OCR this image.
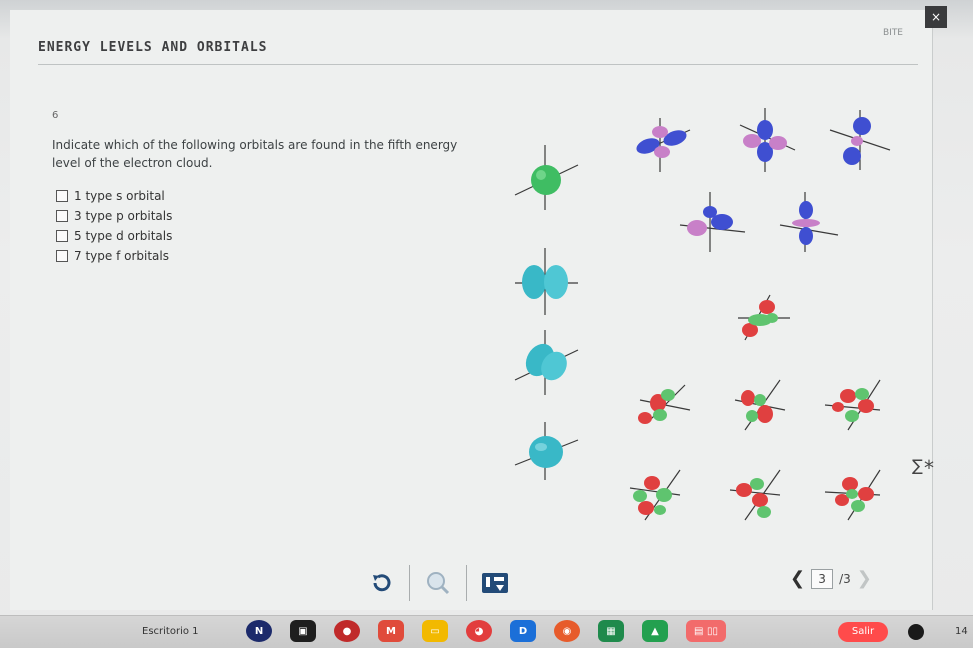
ENERGY LEVELS AND ORBITALS
BITE
×
6
Indicate which of the following orbitals are found in the fifth energy level of the electron cloud.
1 type s orbital
3 type p orbitals
5 type d orbitals
7 type f orbitals
❮	3	/3 ❯
*
∑
Escritorio 1	N	▣	●	M	▭	◕	D	◉	▦	▲	▤ ▯▯	Salir	14
